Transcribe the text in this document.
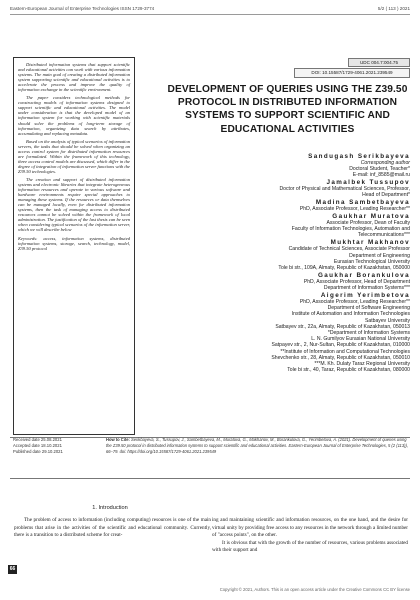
Eastern-European Journal of Enterprise Technologies ISSN 1729-3774	5/2 ( 113 ) 2021

Distributed information systems that support scientific and educational activities can work with various information systems. The main goal of creating a distributed information system supporting scientific and educational activities is to accelerate the process and improve the quality of information exchange in the scientific environment.

The paper considers technological methods for constructing models of information systems designed to support scientific and educational activities. The model under consideration is that the developed model of an information system for working with scientific materials should solve the problems of long-term storage of information, organizing data search by attributes, accumulating and replacing metadata.

Based on the analysis of typical scenarios of information servers, the tasks that should be solved when organizing an access control system for distributed information resources are formulated. Within the framework of this technology, three access control models are discussed, which differ in the degree of integration of information server functions with the Z39.50 technologies.

The creation and support of distributed information systems and electronic libraries that integrate heterogeneous information resources and operate in various software and hardware environments require special approaches to managing these systems. If the resources or data themselves can be managed locally, even for distributed information systems, then the task of managing access to distributed resources cannot be solved within the framework of local administration. The justification of the last thesis can be seen when considering typical scenarios of the information server, which we will describe below

Keywords: access, information systems, distributed information systems, storage, search, technology, model, Z39.50 protocol

UDC 004.7:004.75
DOI: 10.15587/1729-4061.2021.239549
DEVELOPMENT OF QUERIES USING THE Z39.50 PROTOCOL IN DISTRIBUTED INFORMATION SYSTEMS TO SUPPORT SCIENTIFIC AND EDUCATIONAL ACTIVITIES
Sandugash Serikbayeva
Corresponding author
Doctoral Student, Teacher*
E-mail: inf_8585@mail.ru
Jamalbek Tussupov
Doctor of Physical and Mathematical Sciences, Professor,
Head of Department*
Madina Sambetbayeva
PhD, Associate Professor, Leading Researcher**
Gaukhar Muratova
Associate Professor, Dean of Faculty
Faculty of Information Technologies, Automation and
Telecommunications***
Mukhtar Makhanov
Candidate of Technical Sciences, Associate Professor
Department of Engineering
Eurasian Technological University
Tole bi str., 109A, Almaty, Republic of Kazakhstan, 050000
Gaukhar Borankulova
PhD, Associate Professor, Head of Department
Department of Information Systems***
Aigerim Yerimbetova
PhD, Associate Professor, Leading Researcher**
Department of Software Engineering
Institute of Automation and Information Technologies
Satbayev University
Satbayev str., 22a, Almaty, Republic of Kazakhstan, 050013
*Department of Information Systems
L. N. Gumilyov Eurasian National University
Satpayev str., 2, Nur-Sultan, Republic of Kazakhstan, 010000
**Institute of Information and Computational Technologies
Shevchenko str., 28, Almaty, Republic of Kazakhstan, 050010
***M. Kh. Dulaty Taraz Regional University
Tole bi str., 40, Taraz, Republic of Kazakhstan, 080000
Received date 25.08.2021
Accepted date 18.10.2021
Published date 29.10.2021
How to Cite: Serikbayeva, S., Tussupov, J., Sambetbayeva, M., Muratova, G., Makhanov, M., Borankulova, G., Yerimbetova, A. (2021). Development of queries using the Z39.50 protocol in distributed information systems to support scientific and educational activities. Eastern-European Journal of Enterprise Technologies, 5 (2 (113)), 66–79. doi: https://doi.org/10.15587/1729-4061.2021.239549
1. Introduction

The problem of access to information (including computing) resources is one of the main problems that arise in the activities of the scientific and educational community. Currently, there is a transition to a distributed scheme for creat-

ing and maintaining scientific and information resources, on the one hand, and the desire for virtual unity by providing free access to any resources in the network through a limited number of "access points", on the other.
It is obvious that with the growth of the number of resources, various problems associated with their support and

66
Copyright © 2021, Authors. This is an open access article under the Creative Commons CC BY license
